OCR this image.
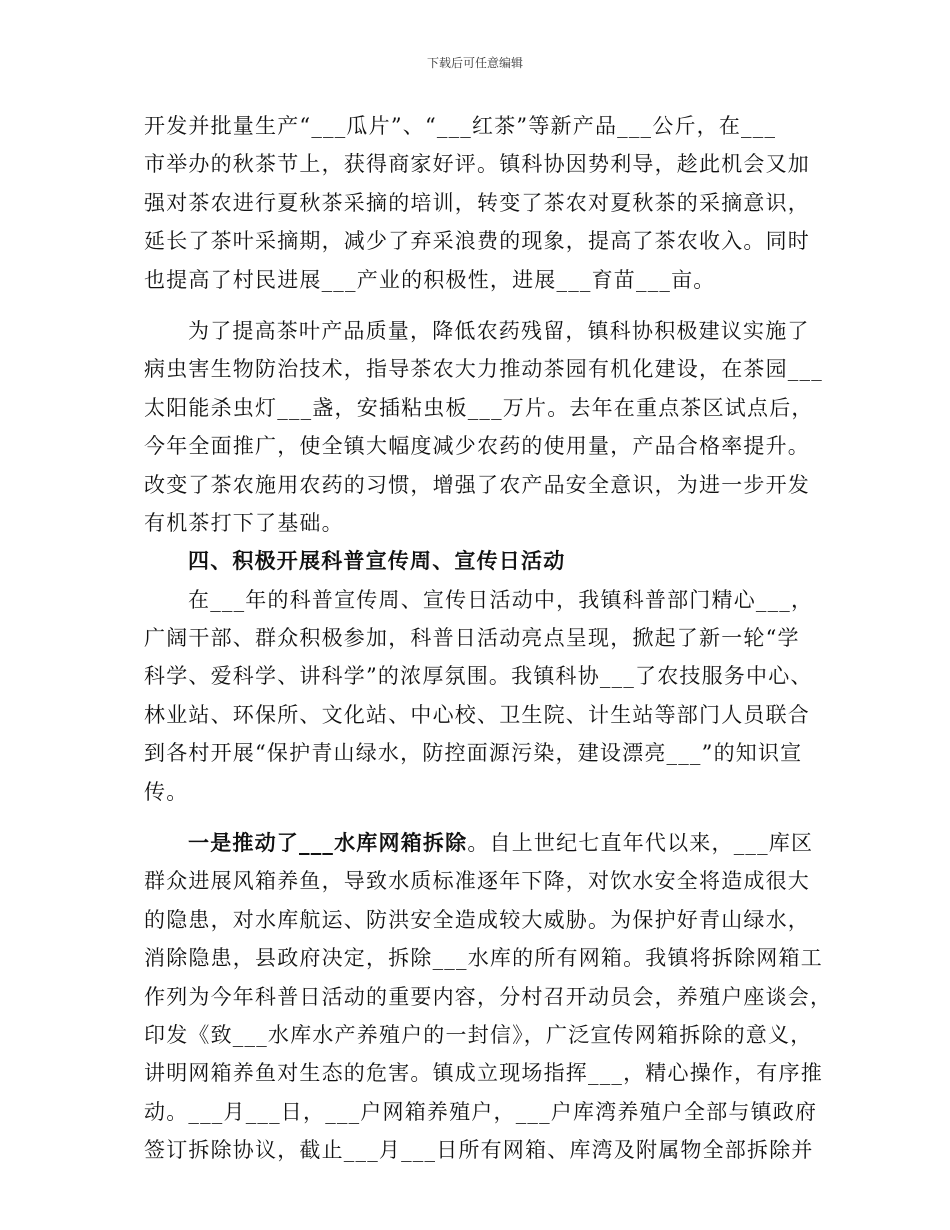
下载后可任意编辑
开发并批量生产“___瓜片”、“___红茶”等新产品___公斤，在___
市举办的秋茶节上，获得商家好评。镇科协因势利导，趁此机会又加
强对茶农进行夏秋茶采摘的培训，转变了茶农对夏秋茶的采摘意识，
延长了茶叶采摘期，减少了弃采浪费的现象，提高了茶农收入。同时
也提高了村民进展___产业的积极性，进展___育苗___亩。
为了提高茶叶产品质量，降低农药残留，镇科协积极建议实施了
病虫害生物防治技术，指导茶农大力推动茶园有机化建设，在茶园___
太阳能杀虫灯___盏，安插粘虫板___万片。去年在重点茶区试点后，
今年全面推广，使全镇大幅度减少农药的使用量，产品合格率提升。
改变了茶农施用农药的习惯，增强了农产品安全意识，为进一步开发
有机茶打下了基础。
四、积极开展科普宣传周、宣传日活动
在___年的科普宣传周、宣传日活动中，我镇科普部门精心___，
广阔干部、群众积极参加，科普日活动亮点呈现，掀起了新一轮“学
科学、爱科学、讲科学”的浓厚氛围。我镇科协___了农技服务中心、
林业站、环保所、文化站、中心校、卫生院、计生站等部门人员联合
到各村开展“保护青山绿水，防控面源污染，建设漂亮___”的知识宣
传。
一是推动了___水库网箱拆除。自上世纪七直年代以来，___库区
群众进展风箱养鱼，导致水质标准逐年下降，对饮水安全将造成很大
的隐患，对水库航运、防洪安全造成较大威胁。为保护好青山绿水，
消除隐患，县政府决定，拆除___水库的所有网箱。我镇将拆除网箱工
作列为今年科普日活动的重要内容，分村召开动员会，养殖户座谈会，
印发《致___水库水产养殖户的一封信》，广泛宣传网箱拆除的意义，
讲明网箱养鱼对生态的危害。镇成立现场指挥___，精心操作，有序推
动。___月___日，___户网箱养殖户，___户库湾养殖户全部与镇政府
签订拆除协议，截止___月___日所有网箱、库湾及附属物全部拆除并
